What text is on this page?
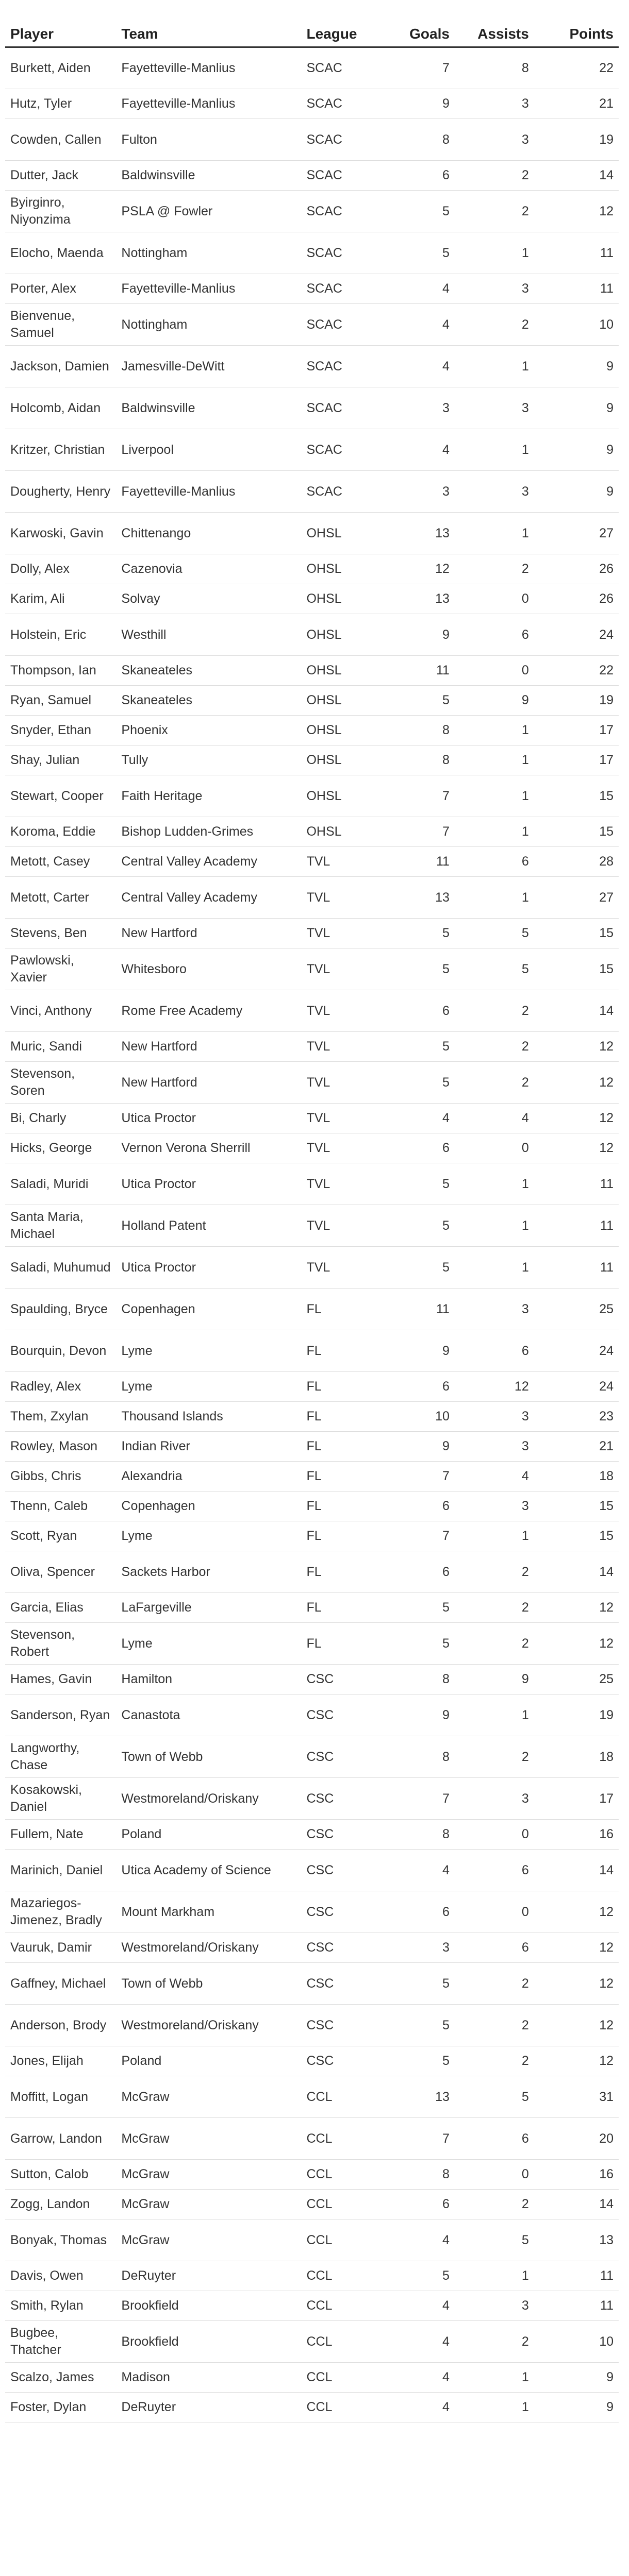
Player	Team	League	Goals	Assists	Points
Burkett, Aiden	Fayetteville-Manlius	SCAC	7	8	22
Hutz, Tyler	Fayetteville-Manlius	SCAC	9	3	21
Cowden, Callen	Fulton	SCAC	8	3	19
Dutter, Jack	Baldwinsville	SCAC	6	2	14
Byirginro, Niyonzima	PSLA @ Fowler	SCAC	5	2	12
Elocho, Maenda	Nottingham	SCAC	5	1	11
Porter, Alex	Fayetteville-Manlius	SCAC	4	3	11
Bienvenue, Samuel	Nottingham	SCAC	4	2	10
Jackson, Damien	Jamesville-DeWitt	SCAC	4	1	9
Holcomb, Aidan	Baldwinsville	SCAC	3	3	9
Kritzer, Christian	Liverpool	SCAC	4	1	9
Dougherty, Henry	Fayetteville-Manlius	SCAC	3	3	9
Karwoski, Gavin	Chittenango	OHSL	13	1	27
Dolly, Alex	Cazenovia	OHSL	12	2	26
Karim, Ali	Solvay	OHSL	13	0	26
Holstein, Eric	Westhill	OHSL	9	6	24
Thompson, Ian	Skaneateles	OHSL	11	0	22
Ryan, Samuel	Skaneateles	OHSL	5	9	19
Snyder, Ethan	Phoenix	OHSL	8	1	17
Shay, Julian	Tully	OHSL	8	1	17
Stewart, Cooper	Faith Heritage	OHSL	7	1	15
Koroma, Eddie	Bishop Ludden-Grimes	OHSL	7	1	15
Metott, Casey	Central Valley Academy	TVL	11	6	28
Metott, Carter	Central Valley Academy	TVL	13	1	27
Stevens, Ben	New Hartford	TVL	5	5	15
Pawlowski, Xavier	Whitesboro	TVL	5	5	15
Vinci, Anthony	Rome Free Academy	TVL	6	2	14
Muric, Sandi	New Hartford	TVL	5	2	12
Stevenson, Soren	New Hartford	TVL	5	2	12
Bi, Charly	Utica Proctor	TVL	4	4	12
Hicks, George	Vernon Verona Sherrill	TVL	6	0	12
Saladi, Muridi	Utica Proctor	TVL	5	1	11
Santa Maria, Michael	Holland Patent	TVL	5	1	11
Saladi, Muhumud	Utica Proctor	TVL	5	1	11
Spaulding, Bryce	Copenhagen	FL	11	3	25
Bourquin, Devon	Lyme	FL	9	6	24
Radley, Alex	Lyme	FL	6	12	24
Them, Zxylan	Thousand Islands	FL	10	3	23
Rowley, Mason	Indian River	FL	9	3	21
Gibbs, Chris	Alexandria	FL	7	4	18
Thenn, Caleb	Copenhagen	FL	6	3	15
Scott, Ryan	Lyme	FL	7	1	15
Oliva, Spencer	Sackets Harbor	FL	6	2	14
Garcia, Elias	LaFargeville	FL	5	2	12
Stevenson, Robert	Lyme	FL	5	2	12
Hames, Gavin	Hamilton	CSC	8	9	25
Sanderson, Ryan	Canastota	CSC	9	1	19
Langworthy, Chase	Town of Webb	CSC	8	2	18
Kosakowski, Daniel	Westmoreland/Oriskany	CSC	7	3	17
Fullem, Nate	Poland	CSC	8	0	16
Marinich, Daniel	Utica Academy of Science	CSC	4	6	14
Mazariegos-Jimenez, Bradly	Mount Markham	CSC	6	0	12
Vauruk, Damir	Westmoreland/Oriskany	CSC	3	6	12
Gaffney, Michael	Town of Webb	CSC	5	2	12
Anderson, Brody	Westmoreland/Oriskany	CSC	5	2	12
Jones, Elijah	Poland	CSC	5	2	12
Moffitt, Logan	McGraw	CCL	13	5	31
Garrow, Landon	McGraw	CCL	7	6	20
Sutton, Calob	McGraw	CCL	8	0	16
Zogg, Landon	McGraw	CCL	6	2	14
Bonyak, Thomas	McGraw	CCL	4	5	13
Davis, Owen	DeRuyter	CCL	5	1	11
Smith, Rylan	Brookfield	CCL	4	3	11
Bugbee, Thatcher	Brookfield	CCL	4	2	10
Scalzo, James	Madison	CCL	4	1	9
Foster, Dylan	DeRuyter	CCL	4	1	9
